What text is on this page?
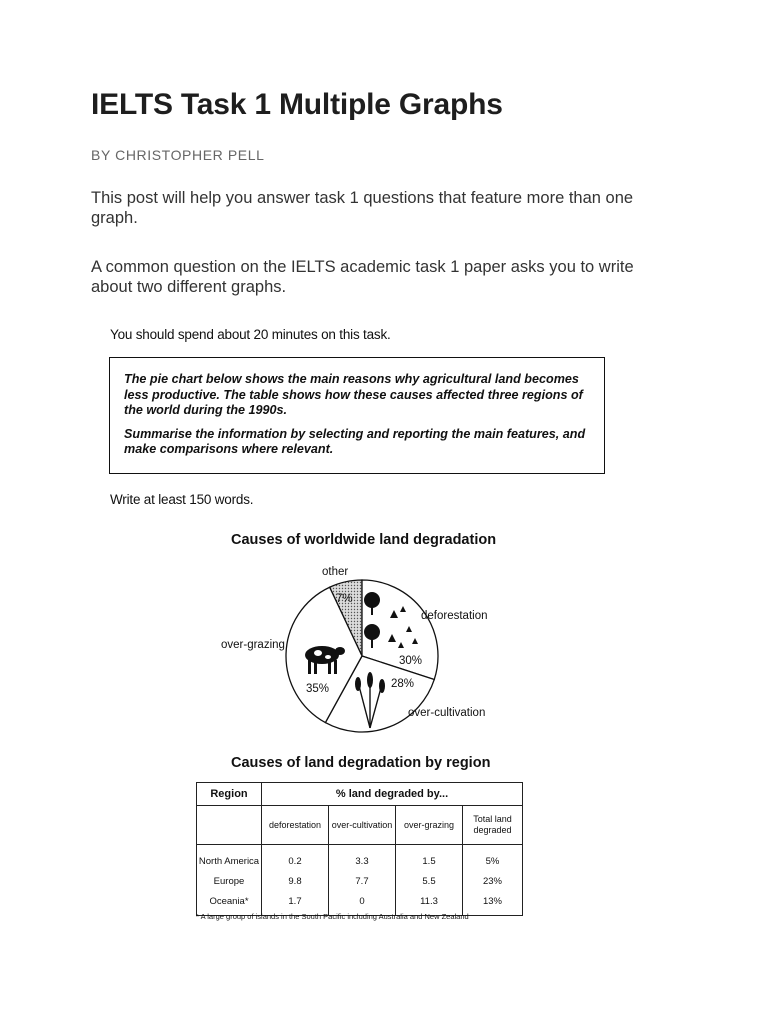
IELTS Task 1 Multiple Graphs
BY CHRISTOPHER PELL
This post will help you answer task 1 questions that feature more than one graph.
A common question on the IELTS academic task 1 paper asks you to write about two different graphs.
You should spend about 20 minutes on this task.

The pie chart below shows the main reasons why agricultural land becomes less productive. The table shows how these causes affected three regions of the world during the 1990s.

Summarise the information by selecting and reporting the main features, and make comparisons where relevant.

Write at least 150 words.
Causes of worldwide land degradation
other
7%
deforestation
30%
over-cultivation
28%
over-grazing
35%
Causes of land degradation by region
Region	% land degraded by...			
	deforestation	over-cultivation	over-grazing	Total land degraded
North America	0.2	3.3	1.5	5%
Europe	9.8	7.7	5.5	23%
Oceania*	1.7	0	11.3	13%
* A large group of islands in the South Pacific including Australia and New Zealand
